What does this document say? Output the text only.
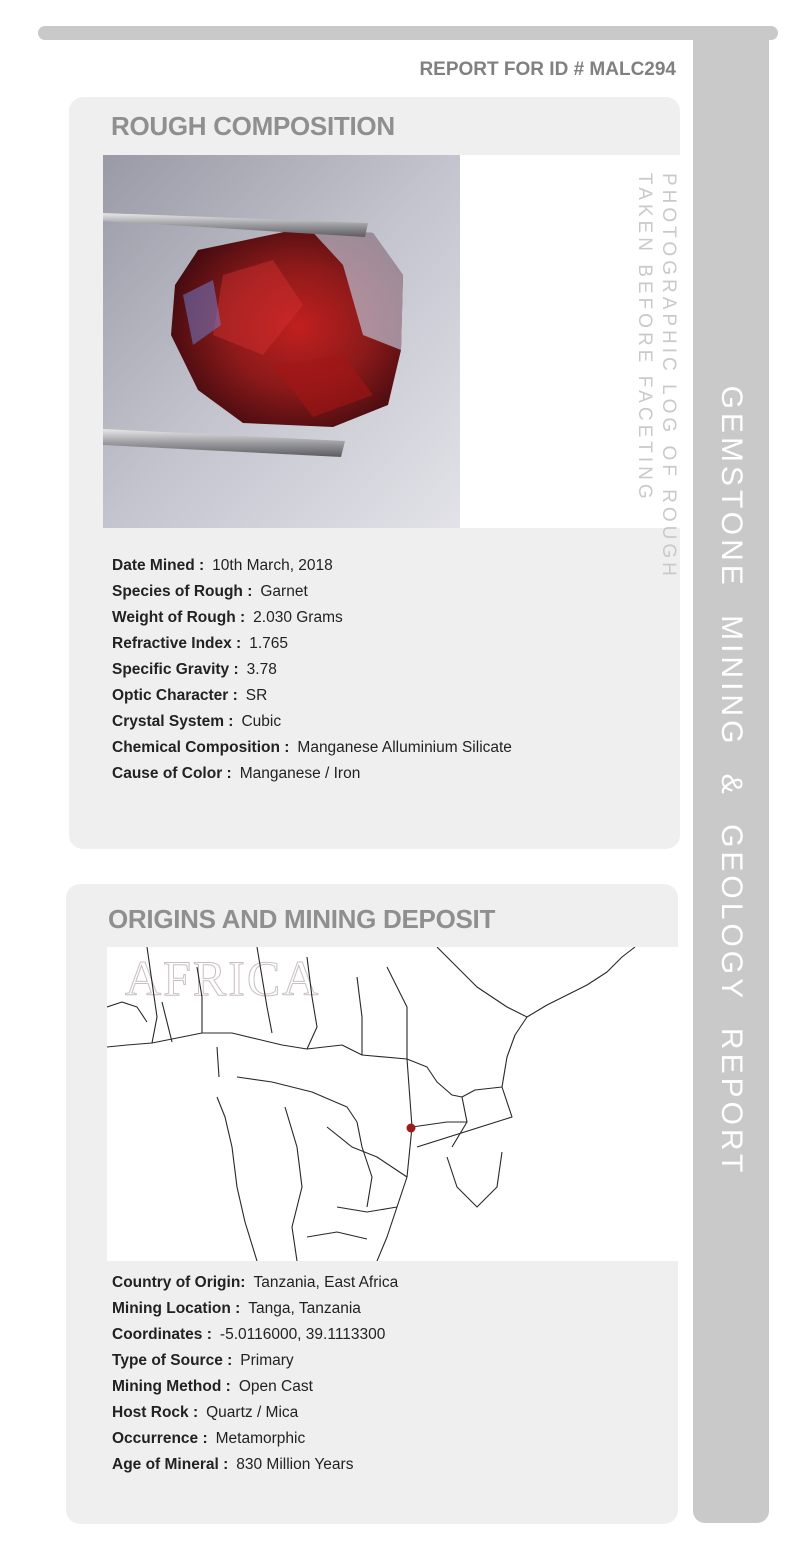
GEMSTONE MINING & GEOLOGY REPORT
REPORT FOR ID # MALC294
ROUGH COMPOSITION
PHOTOGRAPHIC LOG OF ROUGH
TAKEN BEFORE FACETING
Date Mined : 10th March, 2018
Species of Rough : Garnet
Weight of Rough : 2.030 Grams
Refractive Index : 1.765
Specific Gravity : 3.78
Optic Character : SR
Crystal System : Cubic
Chemical Composition : Manganese Alluminium Silicate
Cause of Color : Manganese / Iron
ORIGINS AND MINING DEPOSIT
AFRICA
Country of Origin: Tanzania, East Africa
Mining Location : Tanga, Tanzania
Coordinates : -5.0116000, 39.1113300
Type of Source : Primary
Mining Method : Open Cast
Host Rock : Quartz / Mica
Occurrence : Metamorphic
Age of Mineral : 830 Million Years
